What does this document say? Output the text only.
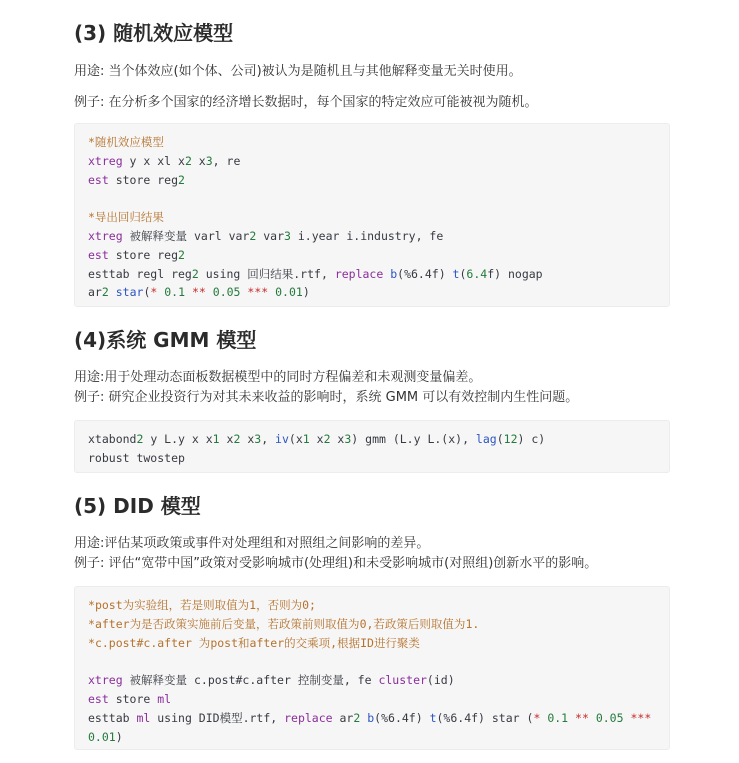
(3) 随机效应模型

用途: 当个体效应(如个体、公司)被认为是随机且与其他解释变量无关时使用。

例子: 在分析多个国家的经济增长数据时，每个国家的特定效应可能被视为随机。

*随机效应模型
xtreg y x xl x2 x3, re
est store reg2
*导出回归结果
xtreg 被解释变量 varl var2 var3 i.year i.industry, fe
est store reg2
esttab regl reg2 using 回归结果.rtf, replace b(%6.4f) t(6.4f) nogap
ar2 star(* 0.1 ** 0.05 *** 0.01)
(4)系统 GMM 模型

用途:用于处理动态面板数据模型中的同时方程偏差和未观测变量偏差。

例子: 研究企业投资行为对其未来收益的影响时，系统 GMM 可以有效控制内生性问题。

xtabond2 y L.y x x1 x2 x3, iv(x1 x2 x3) gmm (L.y L.(x), lag(12) c)
robust twostep
(5) DID 模型

用途:评估某项政策或事件对处理组和对照组之间影响的差异。

例子: 评估“宽带中国”政策对受影响城市(处理组)和未受影响城市(对照组)创新水平的影响。

*post为实验组，若是则取值为1，否则为0;
*after为是否政策实施前后变量，若政策前则取值为0,若政策后则取值为1.
*c.post#c.after 为post和after的交乘项,根据ID进行聚类
xtreg 被解释变量 c.post#c.after 控制变量, fe cluster(id)
est store ml
esttab ml using DID模型.rtf, replace ar2 b(%6.4f) t(%6.4f) star (* 0.1 ** 0.05 ***
0.01)
